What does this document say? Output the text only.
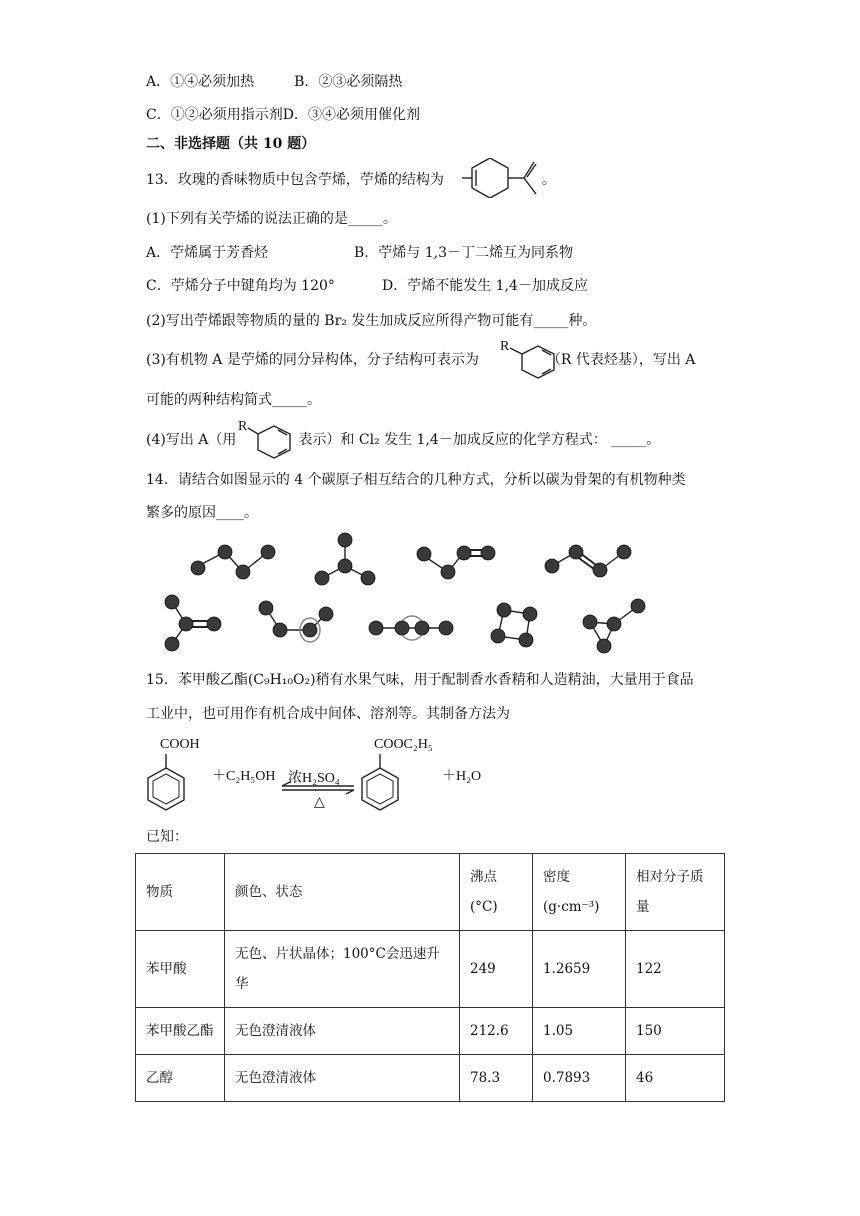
A．①④必须加热	B．②③必须隔热
C．①②必须用指示剂D．③④必须用催化剂
二、非选择题（共 10 题）
13．玫瑰的香味物质中包含苧烯，苧烯的结构为	。
(1)下列有关苧烯的说法正确的是_____。
A．苧烯属于芳香烃	B．苧烯与 1,3－丁二烯互为同系物
C．苧烯分子中键角均为 120°	D．苧烯不能发生 1,4－加成反应
(2)写出苧烯跟等物质的量的 Br₂ 发生加成反应所得产物可能有_____种。
(3)有机物 A 是苧烯的同分异构体，分子结构可表示为	（R 代表烃基），写出 A
R
可能的两种结构简式_____。
(4)写出 A（用	表示）和 Cl₂ 发生 1,4－加成反应的化学方程式： _____。
R
14．请结合如图显示的 4 个碳原子相互结合的几种方式，分析以碳为骨架的有机物种类
繁多的原因____。
15．苯甲酸乙酯(C₉H₁₀O₂)稍有水果气味，用于配制香水香精和人造精油，大量用于食品
工业中，也可用作有机合成中间体、溶剂等。其制备方法为
COOH
＋C₂H₅OH 浓H₂SO₄
△
COOC₂H₅
＋H₂O
已知：
物质	颜色、状态	沸点(°C)	密度(g·cm⁻³)	相对分子质量
苯甲酸	无色、片状晶体；100°C会迅速升华	249	1.2659	122
苯甲酸乙酯	无色澄清液体	212.6	1.05	150
乙醇	无色澄清液体	78.3	0.7893	46
